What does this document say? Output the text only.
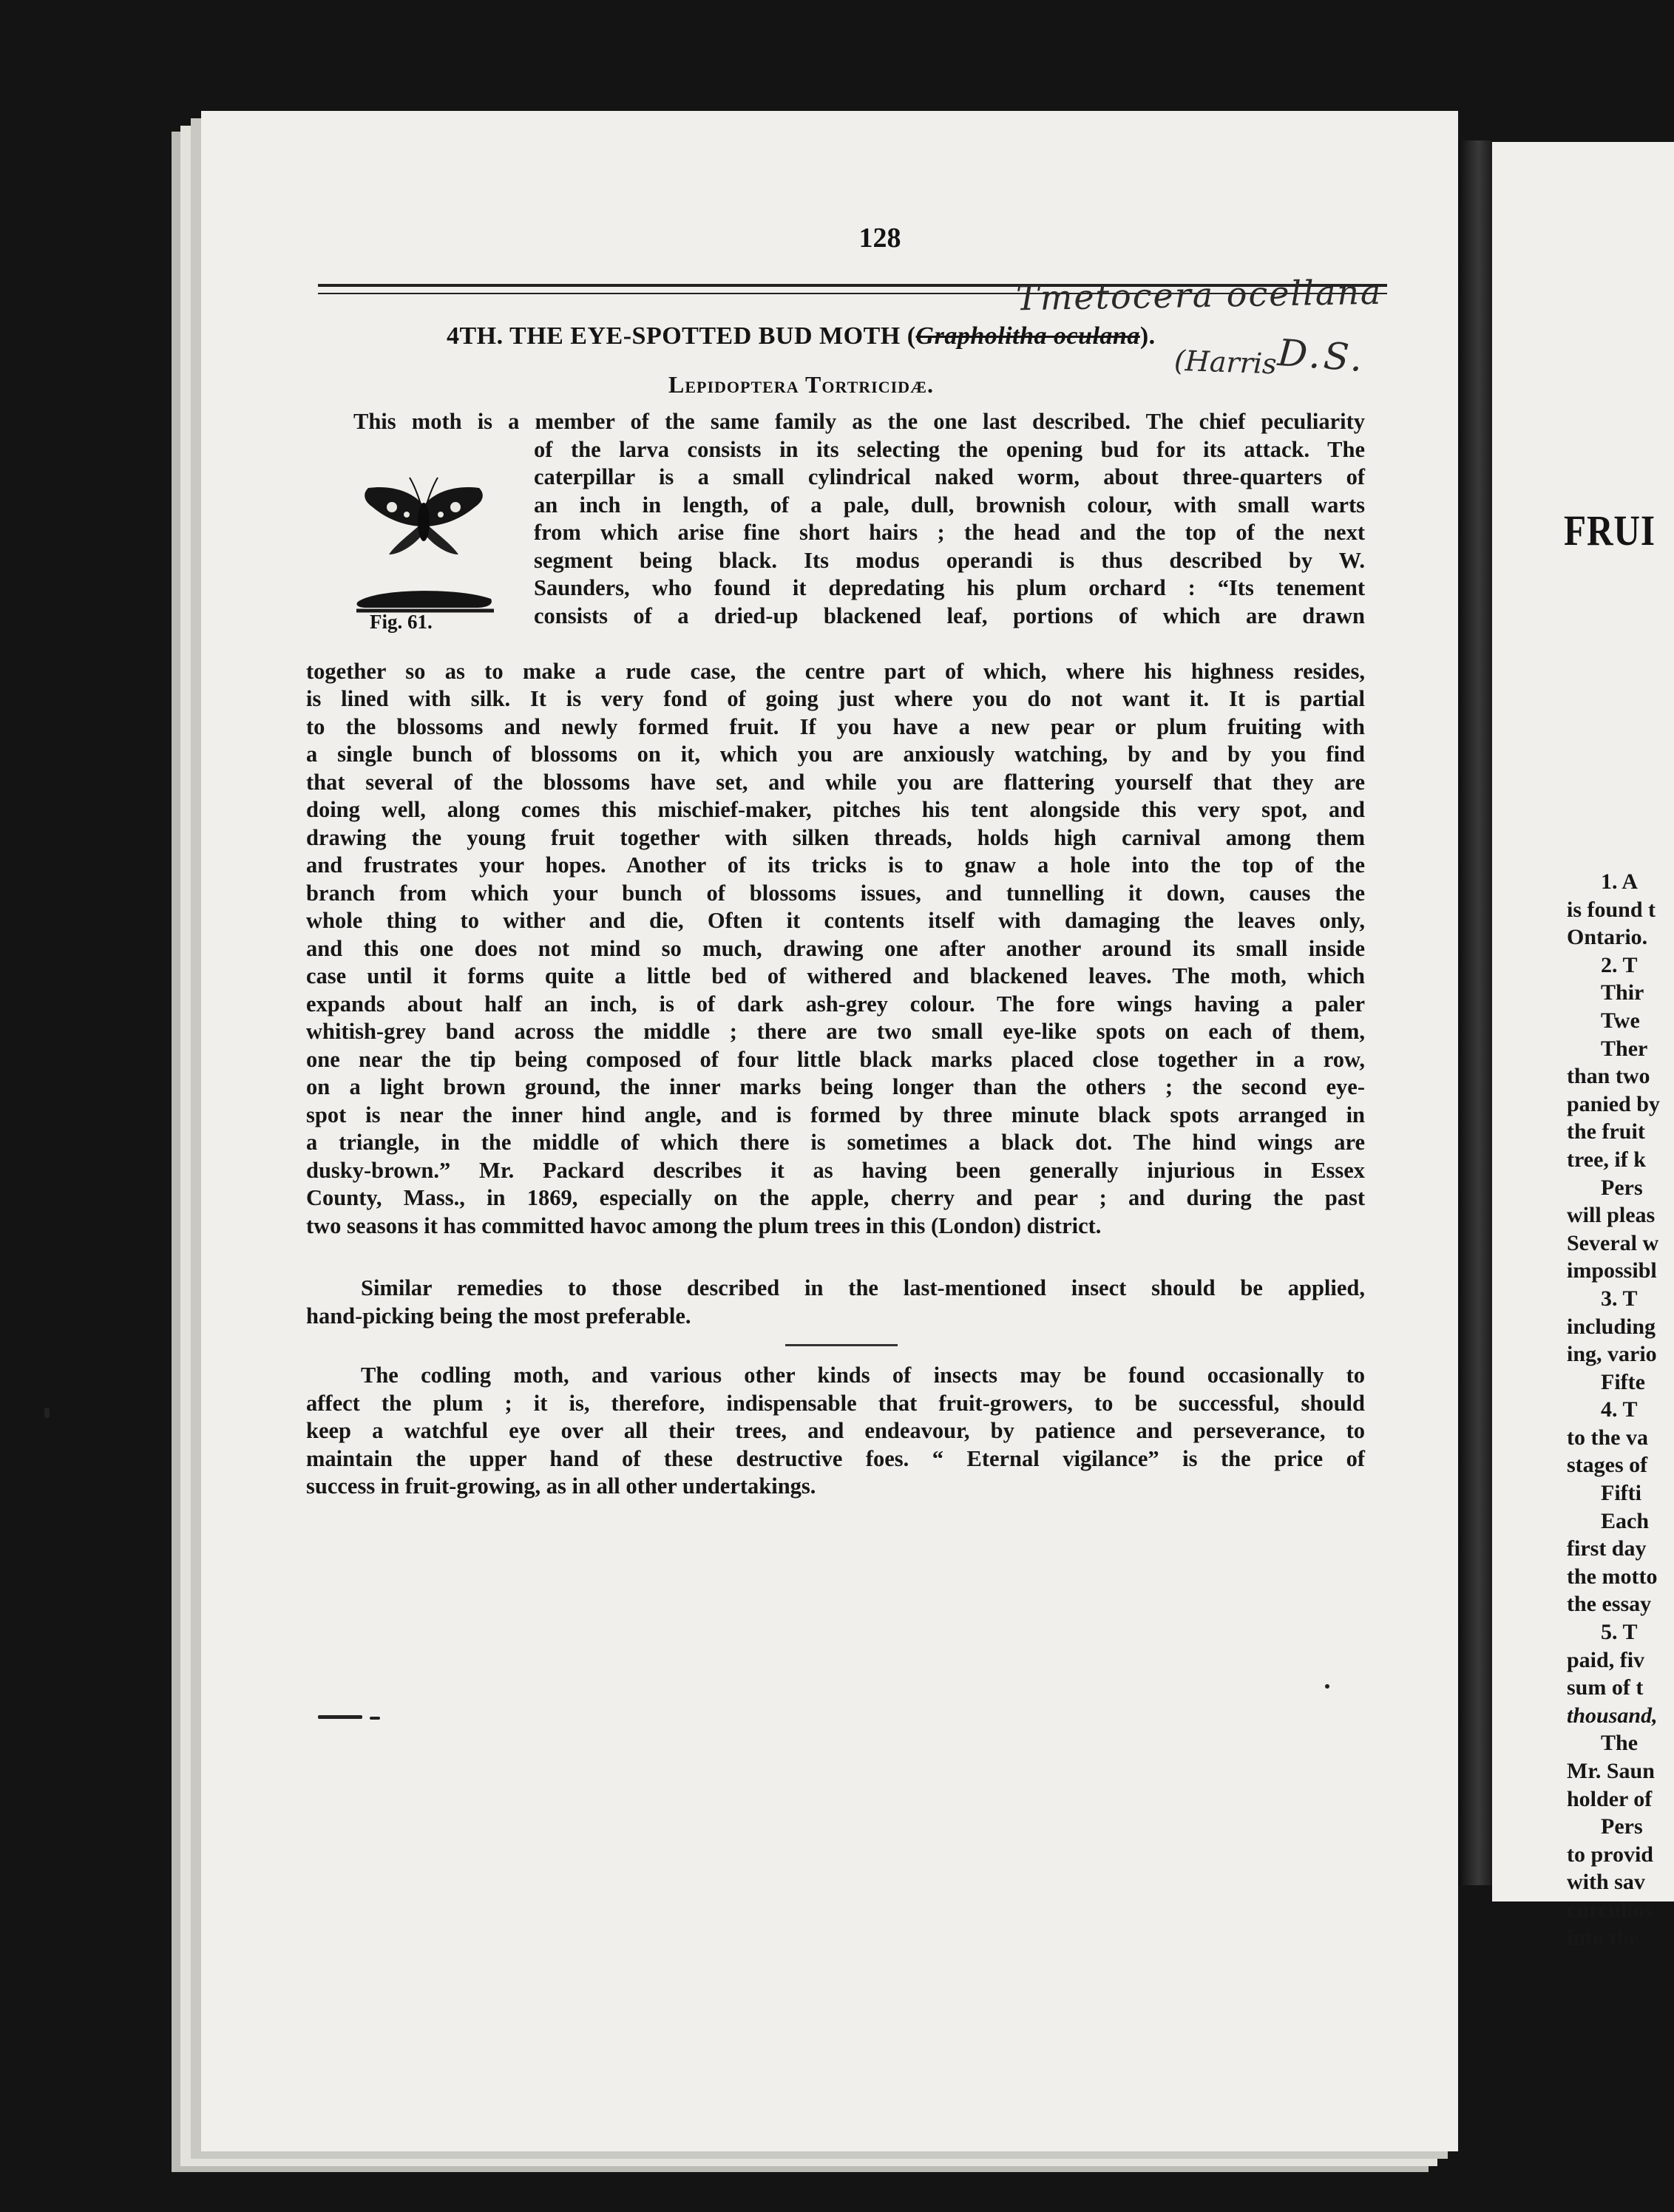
128
Tmetocera ocellana
(Harris
D.S.
4TH. THE EYE-SPOTTED BUD MOTH (Grapholitha oculana).
Lepidoptera Tortricidæ.
Fig. 61.
This moth is a member of the same family as the one last described. The chief peculiarity
of the larva consists in its selecting the opening bud for its attack. The
caterpillar is a small cylindrical naked worm, about three-quarters of
an inch in length, of a pale, dull, brownish colour, with small warts
from which arise fine short hairs ; the head and the top of the next
segment being black. Its modus operandi is thus described by W.
Saunders, who found it depredating his plum orchard : “Its tenement
consists of a dried-up blackened leaf, portions of which are drawn
together so as to make a rude case, the centre part of which, where his highness resides,
is lined with silk. It is very fond of going just where you do not want it. It is partial
to the blossoms and newly formed fruit. If you have a new pear or plum fruiting with
a single bunch of blossoms on it, which you are anxiously watching, by and by you find
that several of the blossoms have set, and while you are flattering yourself that they are
doing well, along comes this mischief-maker, pitches his tent alongside this very spot, and
drawing the young fruit together with silken threads, holds high carnival among them
and frustrates your hopes. Another of its tricks is to gnaw a hole into the top of the
branch from which your bunch of blossoms issues, and tunnelling it down, causes the
whole thing to wither and die, Often it contents itself with damaging the leaves only,
and this one does not mind so much, drawing one after another around its small inside
case until it forms quite a little bed of withered and blackened leaves. The moth, which
expands about half an inch, is of dark ash-grey colour. The fore wings having a paler
whitish-grey band across the middle ; there are two small eye-like spots on each of them,
one near the tip being composed of four little black marks placed close together in a row,
on a light brown ground, the inner marks being longer than the others ; the second eye-
spot is near the inner hind angle, and is formed by three minute black spots arranged in
a triangle, in the middle of which there is sometimes a black dot. The hind wings are
dusky-brown.” Mr. Packard describes it as having been generally injurious in Essex
County, Mass., in 1869, especially on the apple, cherry and pear ; and during the past
two seasons it has committed havoc among the plum trees in this (London) district.
Similar remedies to those described in the last-mentioned insect should be applied,
hand-picking being the most preferable.
The codling moth, and various other kinds of insects may be found occasionally to
affect the plum ; it is, therefore, indispensable that fruit-growers, to be successful, should
keep a watchful eye over all their trees, and endeavour, by patience and perseverance, to
maintain the upper hand of these destructive foes. “ Eternal vigilance” is the price of
success in fruit-growing, as in all other undertakings.
FRUI
1. A
is found t
Ontario.
2. T
Thir
Twe
Ther
than two
panied by
the fruit
tree, if k
Pers
will pleas
Several w
impossibl
3. T
including
ing, vario
Fifte
4. T
to the va
stages of
Fifti
Each
first day
the motto
the essay
5. T
paid, fiv
sum of t
thousand,
The
Mr. Saun
holder of
Pers
to provid
with sav
curculios
into the
